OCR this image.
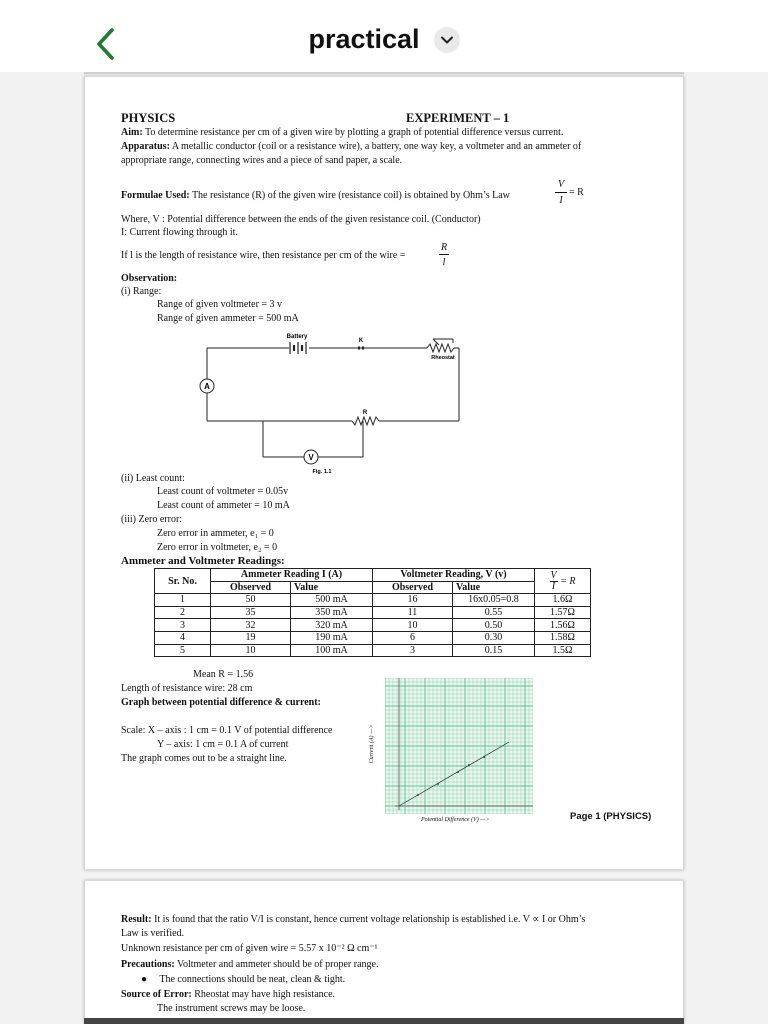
practical
PHYSICS	EXPERIMENT – 1
Aim: To determine resistance per cm of a given wire by plotting a graph of potential difference versus current.
Apparatus: A metallic conductor (coil or a resistance wire), a battery, one way key, a voltmeter and an ammeter of
appropriate range, connecting wires and a piece of sand paper, a scale.
Formulae Used: The resistance (R) of the given wire (resistance coil) is obtained by Ohm’s Law
V
I
= R
Where, V : Potential difference between the ends of the given resistance coil. (Conductor)
I: Current flowing through it.
If l is the length of resistance wire, then resistance per cm of the wire =
R
l
Observation:
(i) Range:
Range of given voltmeter = 3 v
Range of given ammeter = 500 mA
A
V
Battery
K
Rheostat
R
Fig. 1.1
(ii) Least count:
Least count of voltmeter = 0.05v
Least count of ammeter = 10 mA
(iii) Zero error:
Zero error in ammeter, e₁ = 0
Zero error in voltmeter, e₂ = 0
Ammeter and Voltmeter Readings:
Sr. No.	Ammeter Reading I (A)		Voltmeter Reading, V (v)		$\frac{V}{I} = R$
	Observed	Value	Observed	Value	
1	50	500 mA	16	16x0.05=0.8	1.6Ω
2	35	350 mA	11	0.55	1.57Ω
3	32	320 mA	10	0.50	1.56Ω
4	19	190 mA	6	0.30	1.58Ω
5	10	100 mA	3	0.15	1.5Ω
Mean R = 1.56
Length of resistance wire: 28 cm
Graph between potential difference & current:
Scale: X – axis : 1 cm = 0.1 V of potential difference
Y – axis: 1 cm = 0.1 A of current
The graph comes out to be a straight line.	Current (A) —>
Potential Difference (V) —>	Page 1 (PHYSICS)
Result: It is found that the ratio V/I is constant, hence current voltage relationship is established i.e. V ∝ I or Ohm’s
Law is verified.
Unknown resistance per cm of given wire = 5.57 x 10⁻² Ω cm⁻¹
Precautions: Voltmeter and ammeter should be of proper range.
● The connections should be neat, clean & tight.
Source of Error: Rheostat may have high resistance.
The instrument screws may be loose.
